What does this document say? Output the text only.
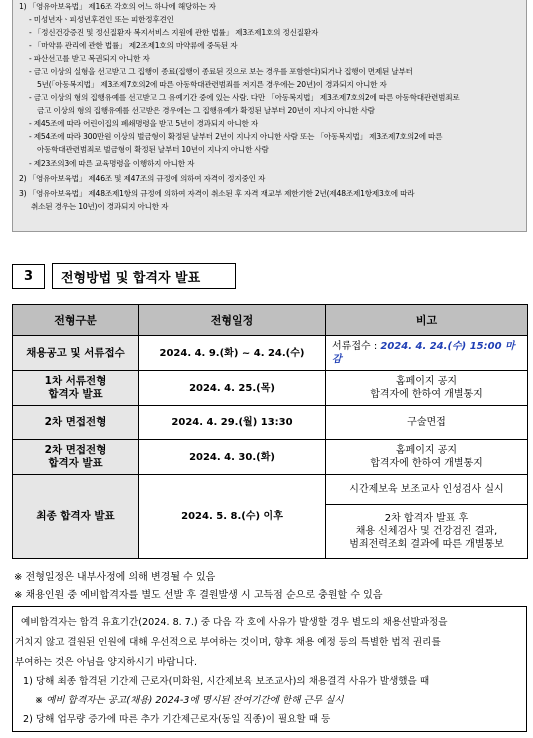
1) 「영유아보육법」 제16조 각호의 어느 하나에 해당하는 자
- 미성년자ㆍ피성년후견인 또는 피한정후견인
- 「정신건강증진 및 정신질환자 복지서비스 지원에 관한 법률」 제3조제1호의 정신질환자
- 「마약류 관리에 관한 법률」 제2조제1호의 마약류에 중독된 자
- 파산선고를 받고 복권되지 아니한 자
- 금고 이상의 실형을 선고받고 그 집행이 종료(집행이 종료된 것으로 보는 경우를 포함한다)되거나 집행이 면제된 날부터
5년(「아동복지법」 제3조제7호의2에 따른 아동학대관련범죄를 저지른 경우에는 20년)이 경과되지 아니한 자
- 금고 이상의 형의 집행유예를 선고받고 그 유예기간 중에 있는 사람. 다만 「아동복지법」 제3조제7호의2에 따른 아동학대관련범죄로
금고 이상의 형의 집행유예를 선고받은 경우에는 그 집행유예가 확정된 날부터 20년이 지나지 아니한 사람
- 제45조에 따라 어린이집의 폐쇄명령을 받고 5년이 경과되지 아니한 자
- 제54조에 따라 300만원 이상의 벌금형이 확정된 날부터 2년이 지나지 아니한 사람 또는 「아동복지법」 제3조제7호의2에 따른
아동학대관련범죄로 벌금형이 확정된 날부터 10년이 지나지 아니한 사람
- 제23조의3에 따른 교육명령을 이행하지 아니한 자
2) 「영유아보육법」 제46조 및 제47조의 규정에 의하여 자격이 정지중인 자
3) 「영유아보육법」 제48조제1항의 규정에 의하여 자격이 취소된 후 자격 재교부 제한기한 2년(제48조제1항제3호에 따라
취소된 경우는 10년)이 경과되지 아니한 자
3	전형방법 및 합격자 발표
전형구분	전형일정	비고
채용공고 및 서류접수	2024. 4. 9.(화) ~ 4. 24.(수)	서류접수 : 2024. 4. 24.(수) 15:00 마감

1차 서류전형
합격자 발표	2024. 4. 25.(목)	홈페이지 공지
합격자에 한하여 개별통지

2차 면접전형	2024. 4. 29.(월) 13:30	구술면접

2차 면접전형
합격자 발표	2024. 4. 30.(화)	홈페이지 공지
합격자에 한하여 개별통지

최종 합격자 발표	2024. 5. 8.(수) 이후	시간제보육 보조교사 인성검사 실시

		2차 합격자 발표 후
채용 신체검사 및 건강검진 결과,
범죄전력조회 결과에 따른 개별통보
※ 전형일정은 내부사정에 의해 변경될 수 있음
※ 채용인원 중 예비합격자를 별도 선발 후 결원발생 시 고득점 순으로 충원할 수 있음
예비합격자는 합격 유효기간(2024. 8. 7.) 중 다음 각 호에 사유가 발생할 경우 별도의 채용선발과정을
거치지 않고 결원된 인원에 대해 우선적으로 부여하는 것이며, 향후 채용 예정 등의 특별한 법적 권리를
부여하는 것은 아님을 양지하시기 바랍니다.
1) 당해 최종 합격된 기간제 근로자(미화원, 시간제보육 보조교사)의 채용결격 사유가 발생했을 때
※ 예비 합격자는 공고(채용) 2024-3에 명시된 잔여기간에 한해 근무 실시
2) 당해 업무량 증가에 따른 추가 기간제근로자(동일 직종)이 필요할 때 등
